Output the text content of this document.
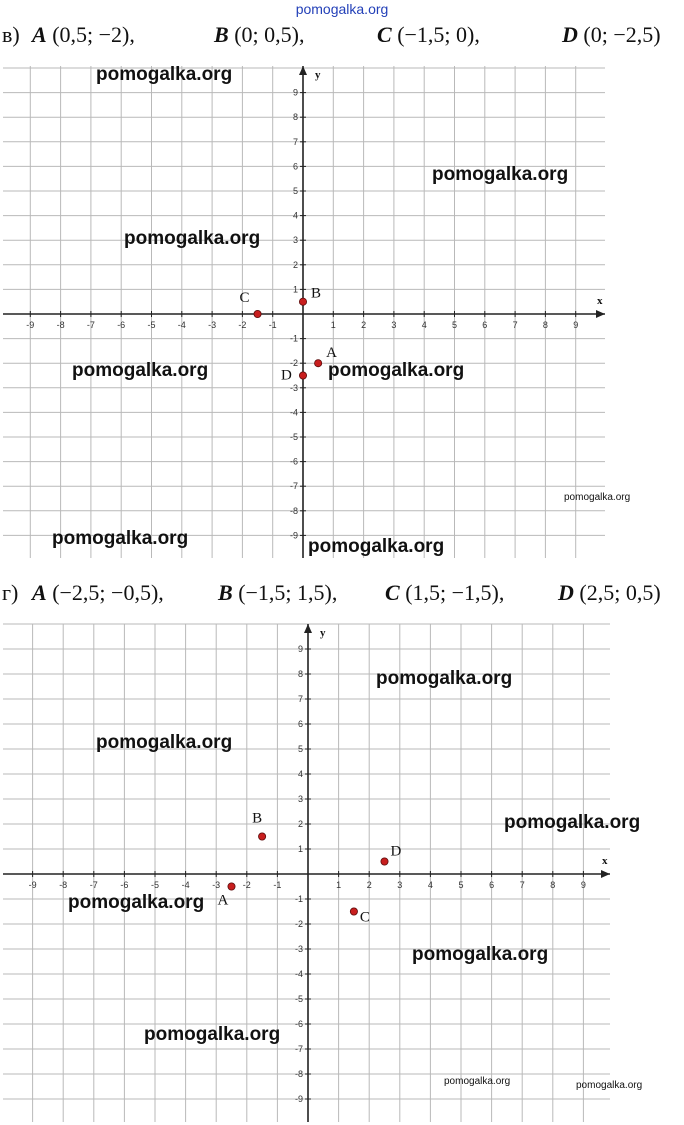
pomogalka.org
в) A (0,5; −2),	B (0; 0,5),	C (−1,5; 0),	D (0; −2,5)
x
y
-9 -8 -7 -6 -5 -4 -3 -2 -1	1	2	3	4	5	6	7	8	9
9
8
7
6
5
4
3
2
1
-1
-2
-3
-4
-5
-6
-7
-8
-9
A
B
C
D
г) A (−2,5; −0,5), B (−1,5; 1,5), C (1,5; −1,5), D (2,5; 0,5)
x
y
-9	-8	-7	-6	-5	-4	-3	-2	-1	1	2	3	4	5	6	7	8	9
9
8
7
6
5
4
3
2
1
-1
-2
-3
-4
-5
-6
-7
-8
-9
A
B
C
D
pomogalka.org
pomogalka.org
pomogalka.org
pomogalka.org	pomogalka.org
pomogalka.org	pomogalka.org
pomogalka.org
pomogalka.org
pomogalka.org
pomogalka.org
pomogalka.org
pomogalka.org
pomogalka.org
pomogalka.org	pomogalka.org
